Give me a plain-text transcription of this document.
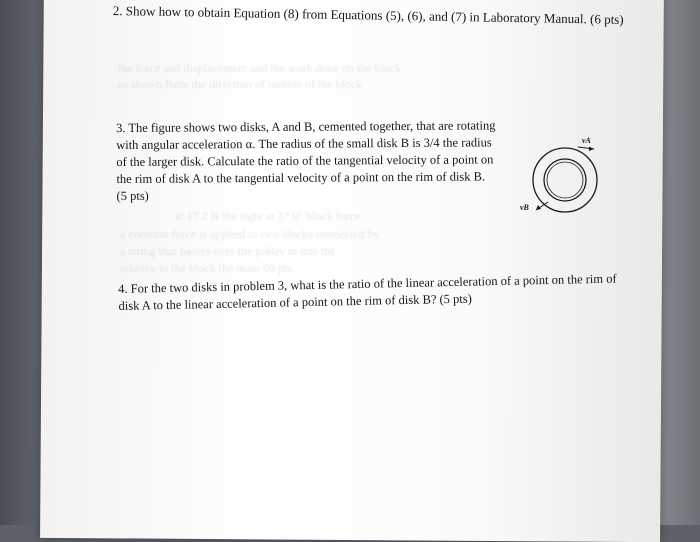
the force and displacement and the work done on the block
as shown from the direction of motion of the block
at 17.2 N the right at 37.0° block force
a constant force is applied to two blocks connected by
a string that passes over the pulley in this the
relative to the block the mass 09 pts
2. Show how to obtain Equation (8) from Equations (5), (6), and (7) in Laboratory Manual. (6 pts)
3. The figure shows two disks, A and B, cemented together, that are rotating
with angular acceleration α. The radius of the small disk B is 3/4 the radius
of the larger disk. Calculate the ratio of the tangential velocity of a point on
the rim of disk A to the tangential velocity of a point on the rim of disk B.
(5 pts)
vA
vB
4. For the two disks in problem 3, what is the ratio of the linear acceleration of a point on the rim of
disk A to the linear acceleration of a point on the rim of disk B? (5 pts)
